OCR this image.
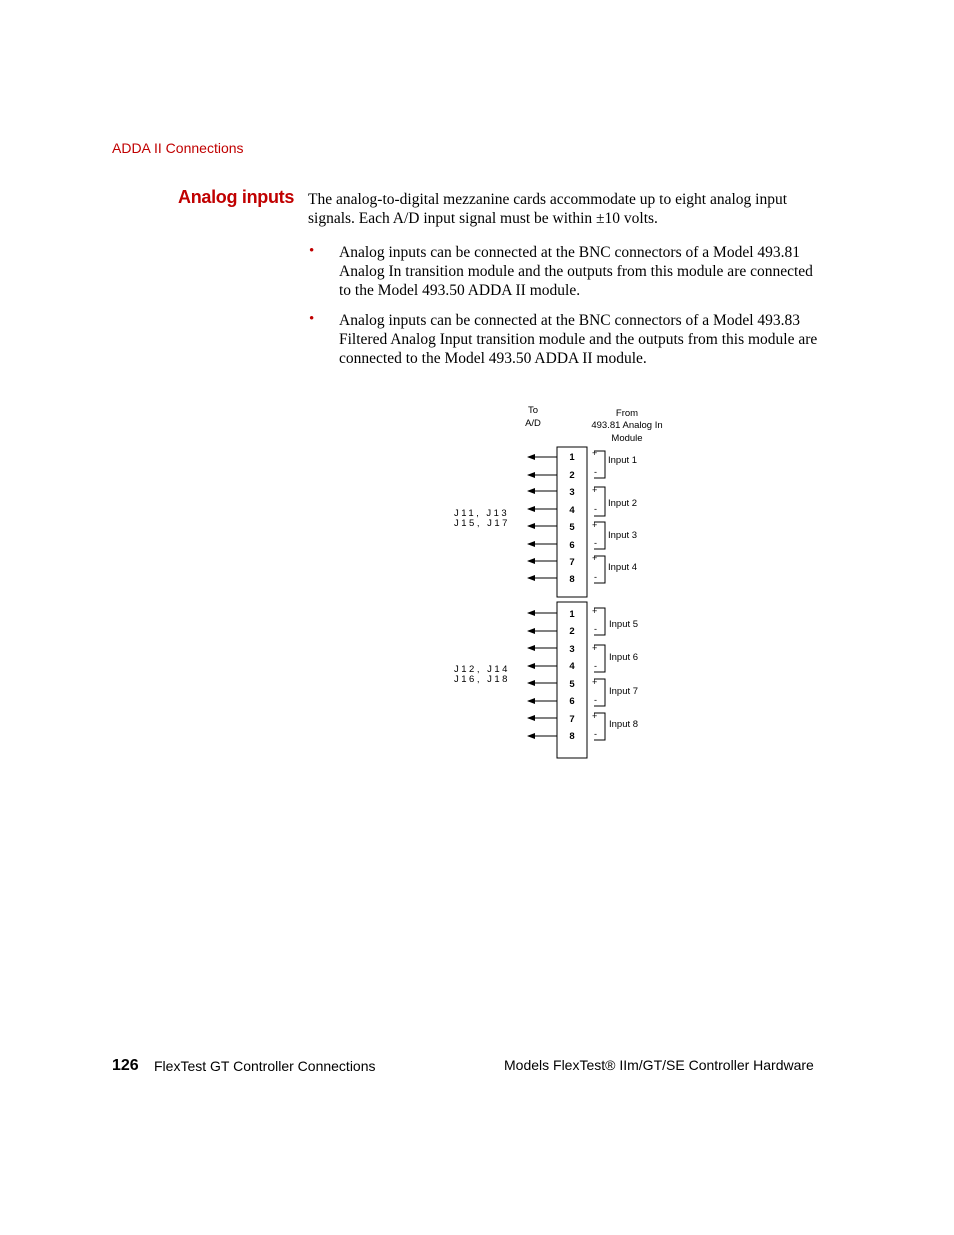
ADDA II Connections
Analog inputs The analog-to-digital mezzanine cards accommodate up to eight analog input signals. Each A/D input signal must be within ±10 volts.
• Analog inputs can be connected at the BNC connectors of a Model 493.81 Analog In transition module and the outputs from this module are connected to the Model 493.50 ADDA II module.
• Analog inputs can be connected at the BNC connectors of a Model 493.83 Filtered Analog Input transition module and the outputs from this module are connected to the Model 493.50 ADDA II module.
To
A/D
From
493.81 Analog In
Module
1
2
3
4
5
6
7
8
+
-
Input 1
+
- Input 2
+
-
Input 3
+
-
Input 4
J11, J13
J15, J17
1
2
3
4
5
6
7
8
+
- Input 5
+
-
Input 6
+
-
Input 7
+
-
Input 8
J12, J14
J16, J18
126 FlexTest GT Controller Connections	Models FlexTest® IIm/GT/SE Controller Hardware
